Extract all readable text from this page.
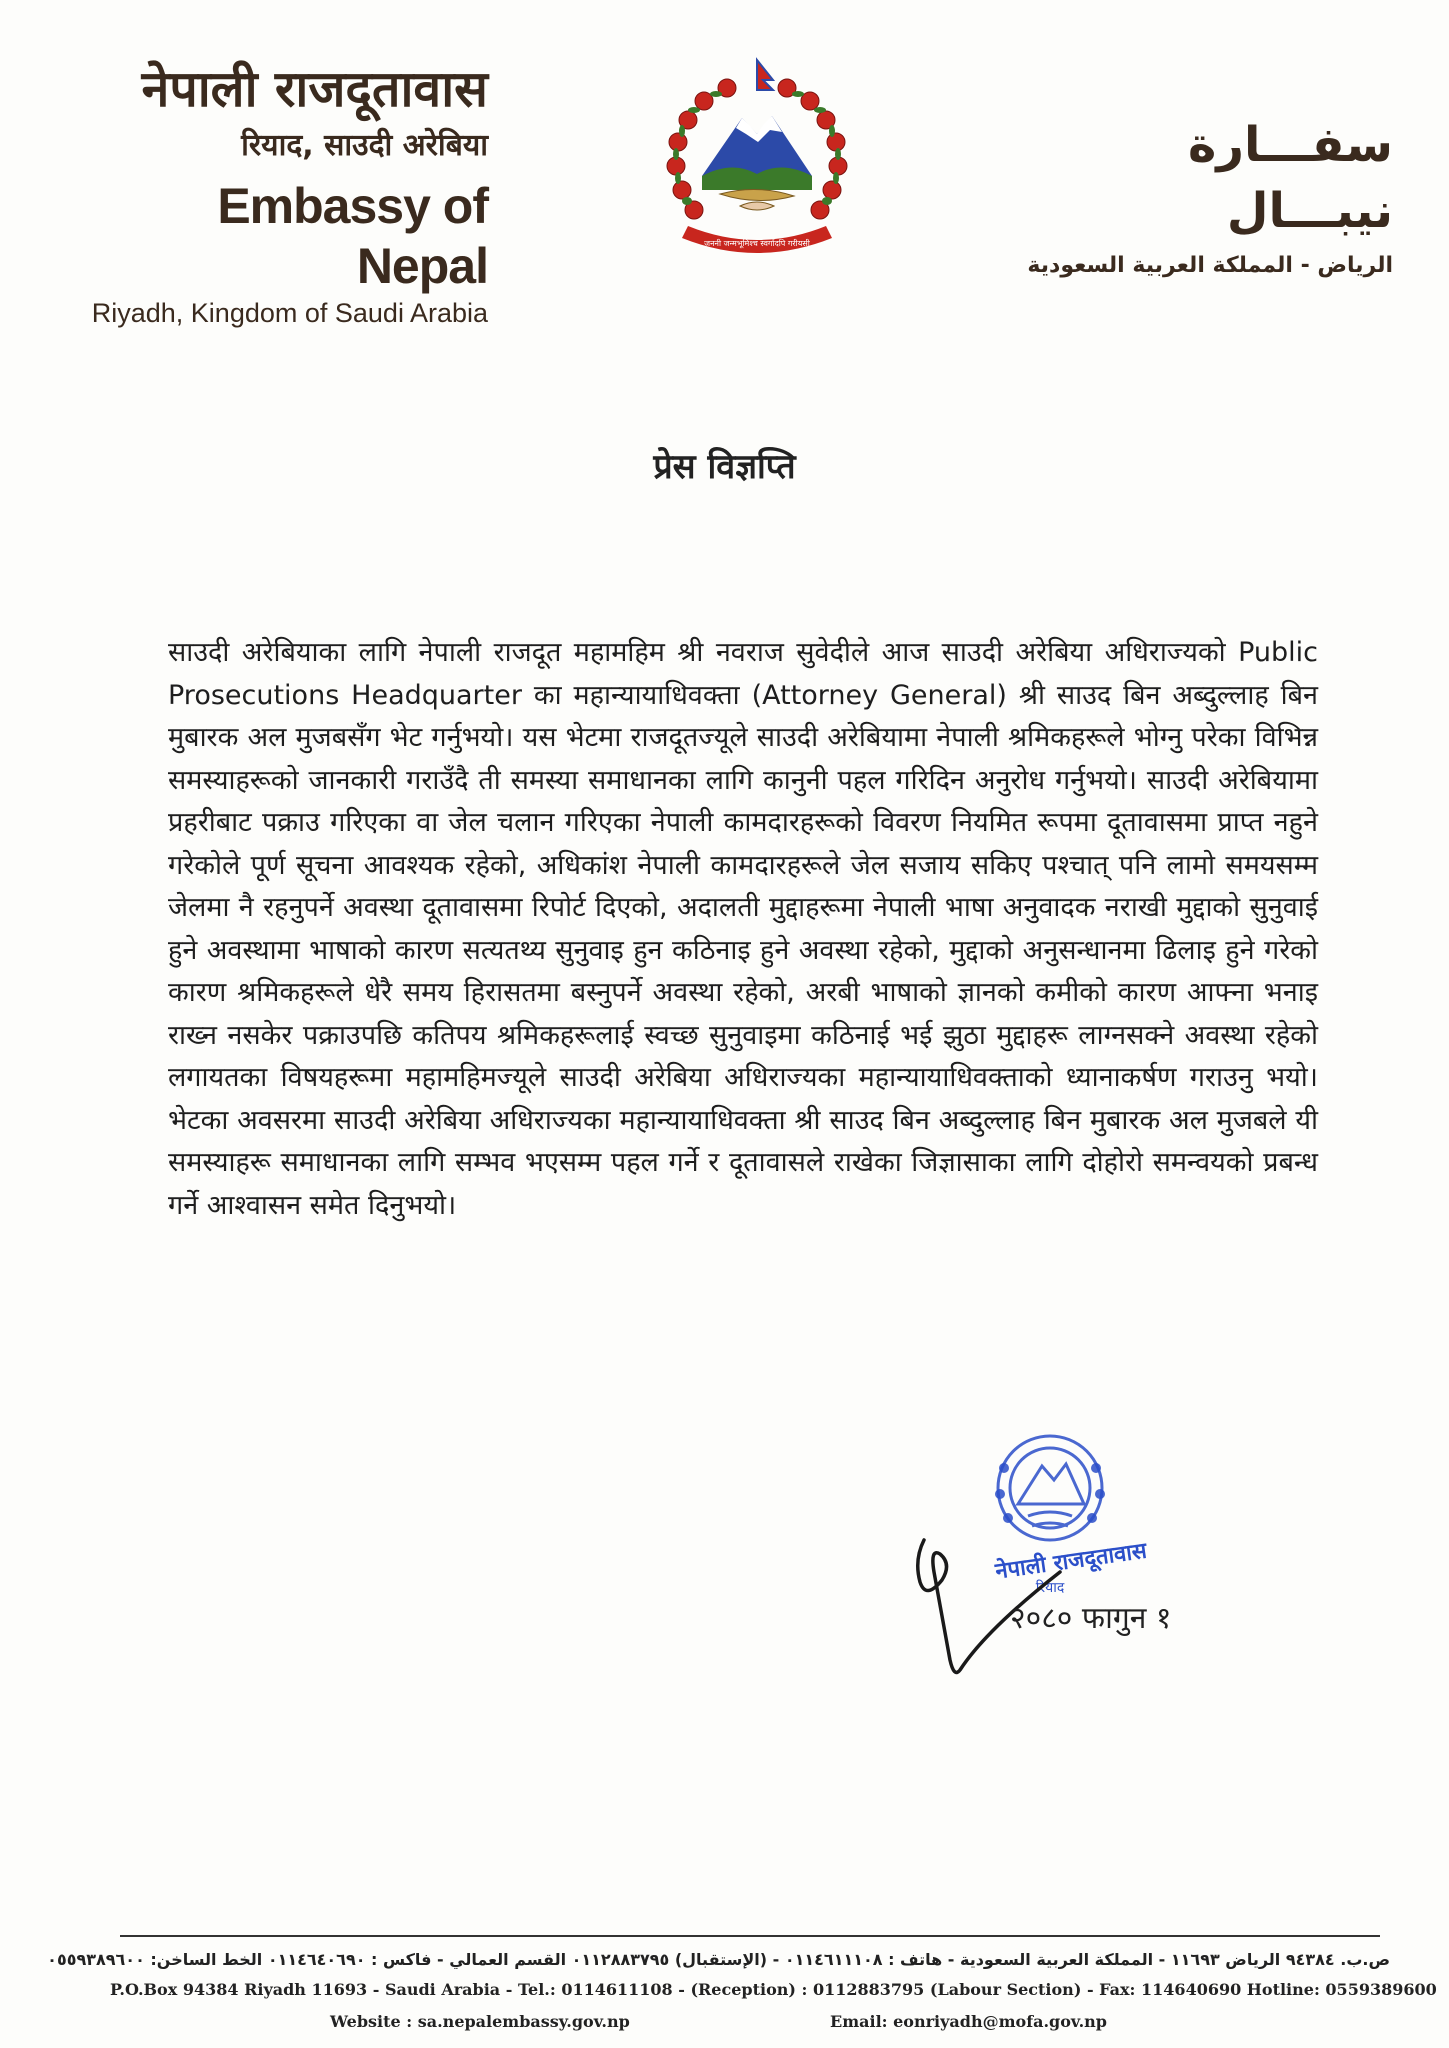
नेपाली राजदूतावास
रियाद, साउदी अरेबिया
Embassy of Nepal
Riyadh, Kingdom of Saudi Arabia
जननी जन्मभूमिश्च स्वर्गादपि गरीयसी
سفـــارة نيبـــال
الرياض - المملكة العربية السعودية
प्रेस विज्ञप्ति

साउदी अरेबियाका लागि नेपाली राजदूत महामहिम श्री नवराज सुवेदीले आज साउदी अरेबिया अधिराज्यको Public Prosecutions Headquarter का महान्यायाधिवक्ता (Attorney General) श्री साउद बिन अब्दुल्लाह बिन मुबारक अल मुजबसँग भेट गर्नुभयो। यस भेटमा राजदूतज्यूले साउदी अरेबियामा नेपाली श्रमिकहरूले भोग्नु परेका विभिन्न समस्याहरूको जानकारी गराउँदै ती समस्या समाधानका लागि कानुनी पहल गरिदिन अनुरोध गर्नुभयो। साउदी अरेबियामा प्रहरीबाट पक्राउ गरिएका वा जेल चलान गरिएका नेपाली कामदारहरूको विवरण नियमित रूपमा दूतावासमा प्राप्त नहुने गरेकोले पूर्ण सूचना आवश्यक रहेको, अधिकांश नेपाली कामदारहरूले जेल सजाय सकिए पश्चात् पनि लामो समयसम्म जेलमा नै रहनुपर्ने अवस्था दूतावासमा रिपोर्ट दिएको, अदालती मुद्दाहरूमा नेपाली भाषा अनुवादक नराखी मुद्दाको सुनुवाई हुने अवस्थामा भाषाको कारण सत्यतथ्य सुनुवाइ हुन कठिनाइ हुने अवस्था रहेको, मुद्दाको अनुसन्धानमा ढिलाइ हुने गरेको कारण श्रमिकहरूले धेरै समय हिरासतमा बस्नुपर्ने अवस्था रहेको, अरबी भाषाको ज्ञानको कमीको कारण आफ्ना भनाइ राख्न नसकेर पक्राउपछि कतिपय श्रमिकहरूलाई स्वच्छ सुनुवाइमा कठिनाई भई झुठा मुद्दाहरू लाग्नसक्ने अवस्था रहेको लगायतका विषयहरूमा महामहिमज्यूले साउदी अरेबिया अधिराज्यका महान्यायाधिवक्ताको ध्यानाकर्षण गराउनु भयो। भेटका अवसरमा साउदी अरेबिया अधिराज्यका महान्यायाधिवक्ता श्री साउद बिन अब्दुल्लाह बिन मुबारक अल मुजबले यी समस्याहरू समाधानका लागि सम्भव भएसम्म पहल गर्ने र दूतावासले राखेका जिज्ञासाका लागि दोहोरो समन्वयको प्रबन्ध गर्ने आश्वासन समेत दिनुभयो।

नेपाली राजदूतावास
रियाद
२०८० फागुन १
ص.ب. ٩٤٣٨٤ الرياض ١١٦٩٣ - المملكة العربية السعودية - هاتف : ٠١١٤٦١١١٠٨ - (الإستقبال) ٠١١٢٨٨٣٧٩٥ القسم العمالي - فاكس : ٠١١٤٦٤٠٦٩٠ الخط الساخن: ٠٥٥٩٣٨٩٦٠٠
P.O.Box 94384 Riyadh 11693 - Saudi Arabia - Tel.: 0114611108 - (Reception) : 0112883795 (Labour Section) - Fax: 114640690 Hotline: 0559389600
Website : sa.nepalembassy.gov.np	Email: eonriyadh@mofa.gov.np
